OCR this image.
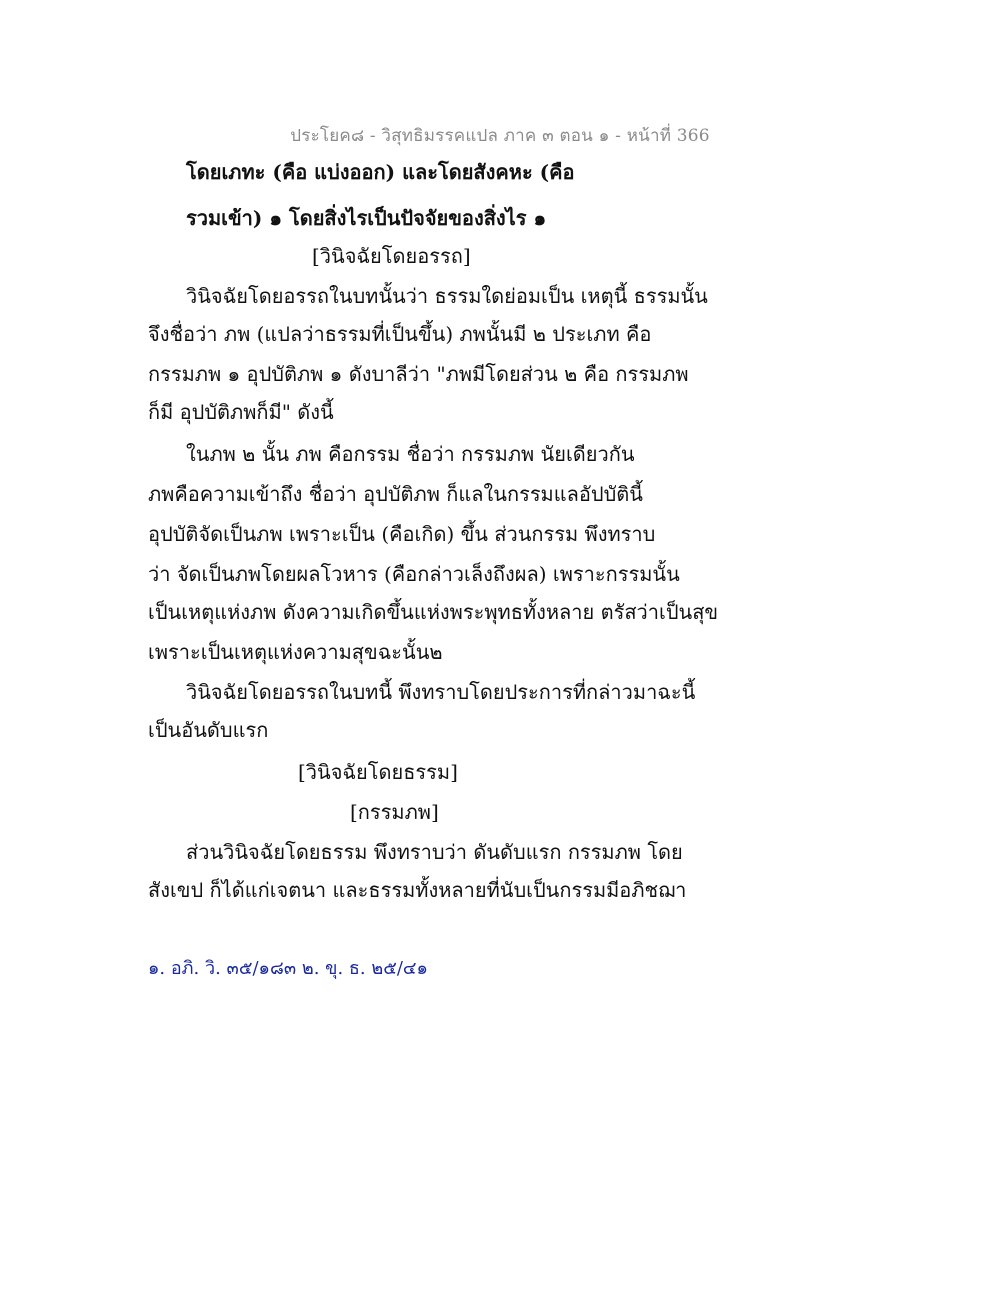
ประโยค๘ - วิสุทธิมรรคแปล ภาค ๓ ตอน ๑ - หน้าที่ 366
โดยเภทะ (คือ แบ่งออก) และโดยสังคหะ (คือ
รวมเข้า) ๑ โดยสิ่งไรเป็นปัจจัยของสิ่งไร ๑
[วินิจฉัยโดยอรรถ]
วินิจฉัยโดยอรรถในบทนั้นว่า ธรรมใดย่อมเป็น เหตุนี้ ธรรมนั้น
จึงชื่อว่า ภพ (แปลว่าธรรมที่เป็นขึ้น) ภพนั้นมี ๒ ประเภท คือ
กรรมภพ ๑ อุปบัติภพ ๑ ดังบาลีว่า "ภพมีโดยส่วน ๒ คือ กรรมภพ
ก็มี อุปบัติภพก็มี" ดังนี้
ในภพ ๒ นั้น ภพ คือกรรม ชื่อว่า กรรมภพ นัยเดียวกัน
ภพคือความเข้าถึง ชื่อว่า อุปบัติภพ ก็แลในกรรมแลอัปบัตินี้
อุปบัติจัดเป็นภพ เพราะเป็น (คือเกิด) ขึ้น ส่วนกรรม พึงทราบ
ว่า จัดเป็นภพโดยผลโวหาร (คือกล่าวเล็งถึงผล) เพราะกรรมนั้น
เป็นเหตุแห่งภพ ดังความเกิดขึ้นแห่งพระพุทธทั้งหลาย ตรัสว่าเป็นสุข
เพราะเป็นเหตุแห่งความสุขฉะนั้น๒
วินิจฉัยโดยอรรถในบทนี้ พึงทราบโดยประการที่กล่าวมาฉะนี้
เป็นอันดับแรก
[วินิจฉัยโดยธรรม]
[กรรมภพ]
ส่วนวินิจฉัยโดยธรรม พึงทราบว่า ดันดับแรก กรรมภพ โดย
สังเขป ก็ได้แก่เจตนา และธรรมทั้งหลายที่นับเป็นกรรมมีอภิชฌา
๑. อภิ. วิ. ๓๕/๑๘๓ ๒. ขุ. ธ. ๒๕/๔๑
